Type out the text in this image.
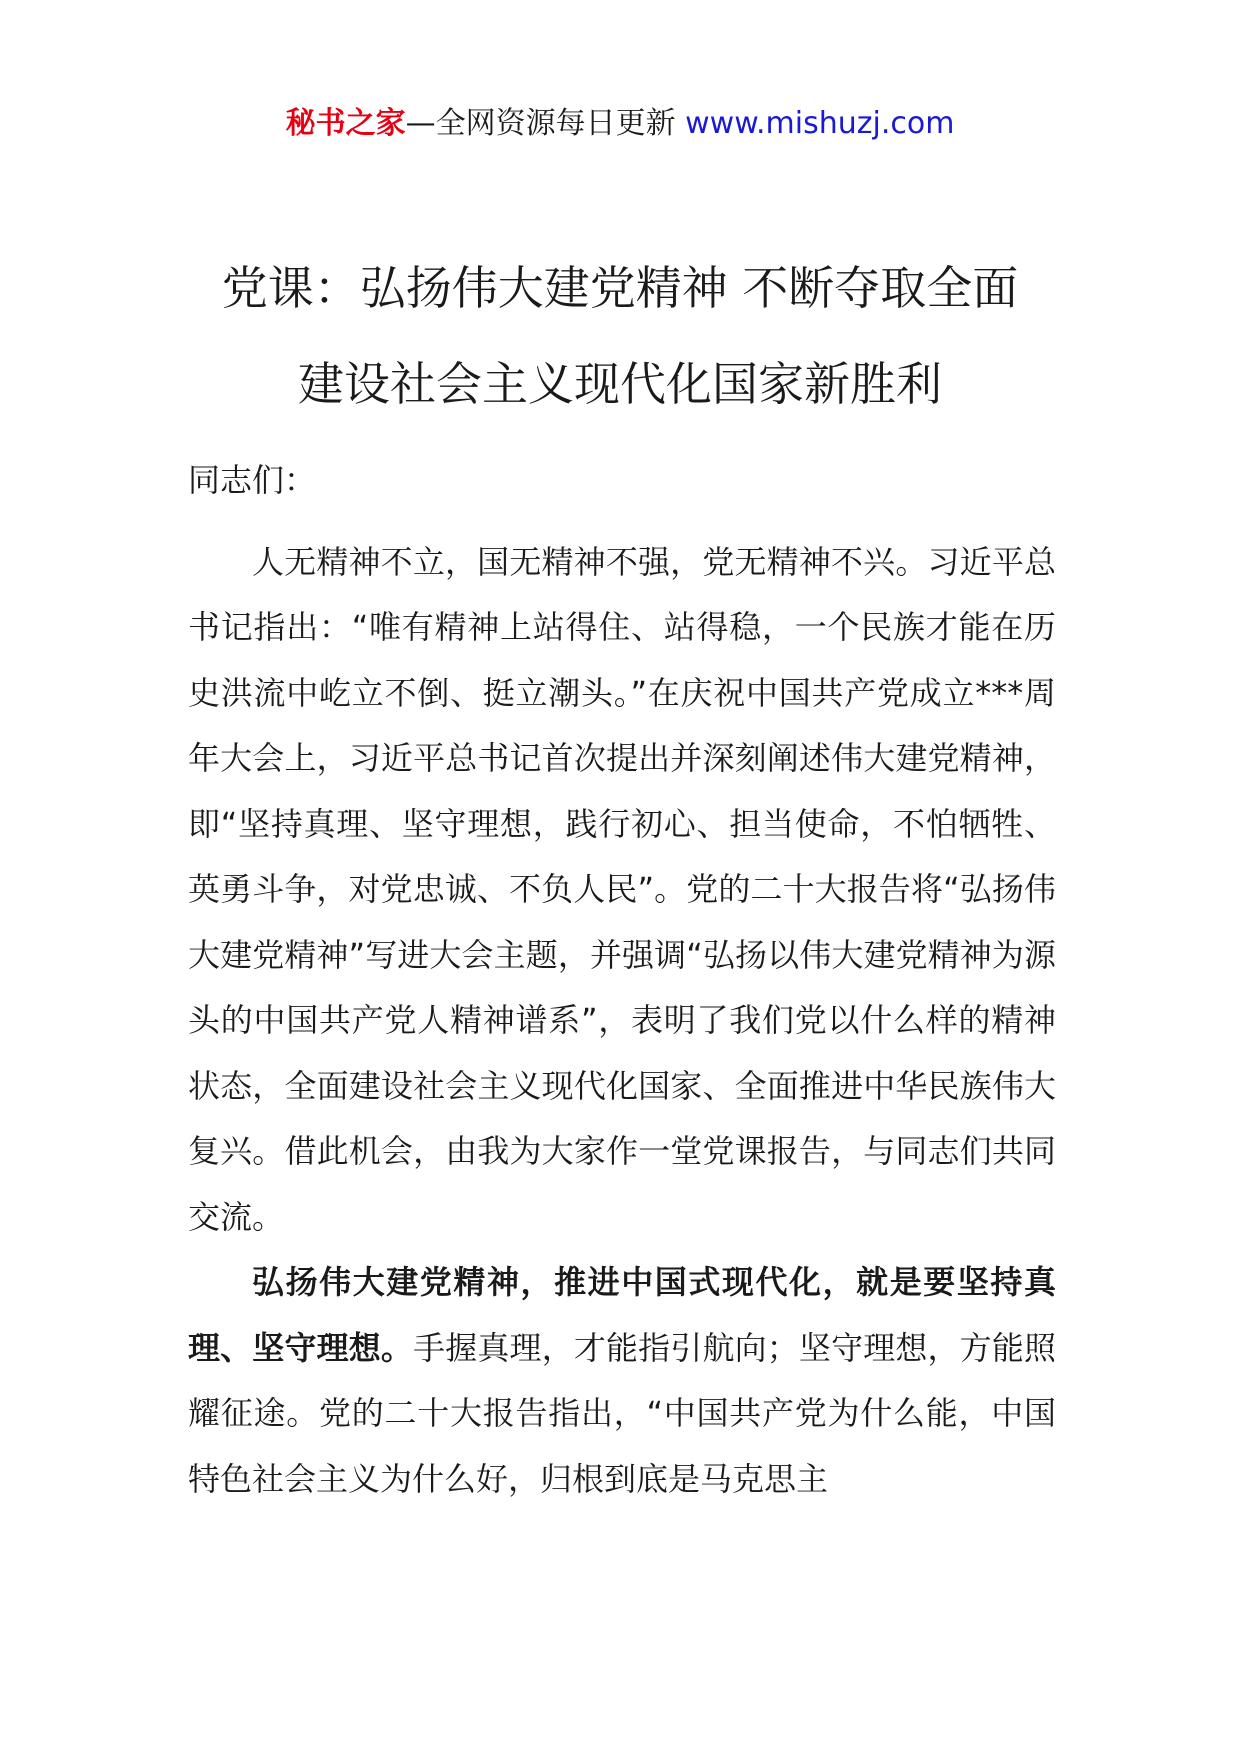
秘书之家—全网资源每日更新 www.mishuzj.com
党课：弘扬伟大建党精神 不断夺取全面
建设社会主义现代化国家新胜利

同志们：

人无精神不立，国无精神不强，党无精神不兴。习近平总书记指出：“唯有精神上站得住、站得稳，一个民族才能在历史洪流中屹立不倒、挺立潮头。”在庆祝中国共产党成立***周年大会上，习近平总书记首次提出并深刻阐述伟大建党精神，即“坚持真理、坚守理想，践行初心、担当使命，不怕牺牲、英勇斗争，对党忠诚、不负人民”。党的二十大报告将“弘扬伟大建党精神”写进大会主题，并强调“弘扬以伟大建党精神为源头的中国共产党人精神谱系”，表明了我们党以什么样的精神状态，全面建设社会主义现代化国家、全面推进中华民族伟大复兴。借此机会，由我为大家作一堂党课报告，与同志们共同交流。

弘扬伟大建党精神，推进中国式现代化，就是要坚持真理、坚守理想。手握真理，才能指引航向；坚守理想，方能照耀征途。党的二十大报告指出，“中国共产党为什么能，中国特色社会主义为什么好，归根到底是马克思主
